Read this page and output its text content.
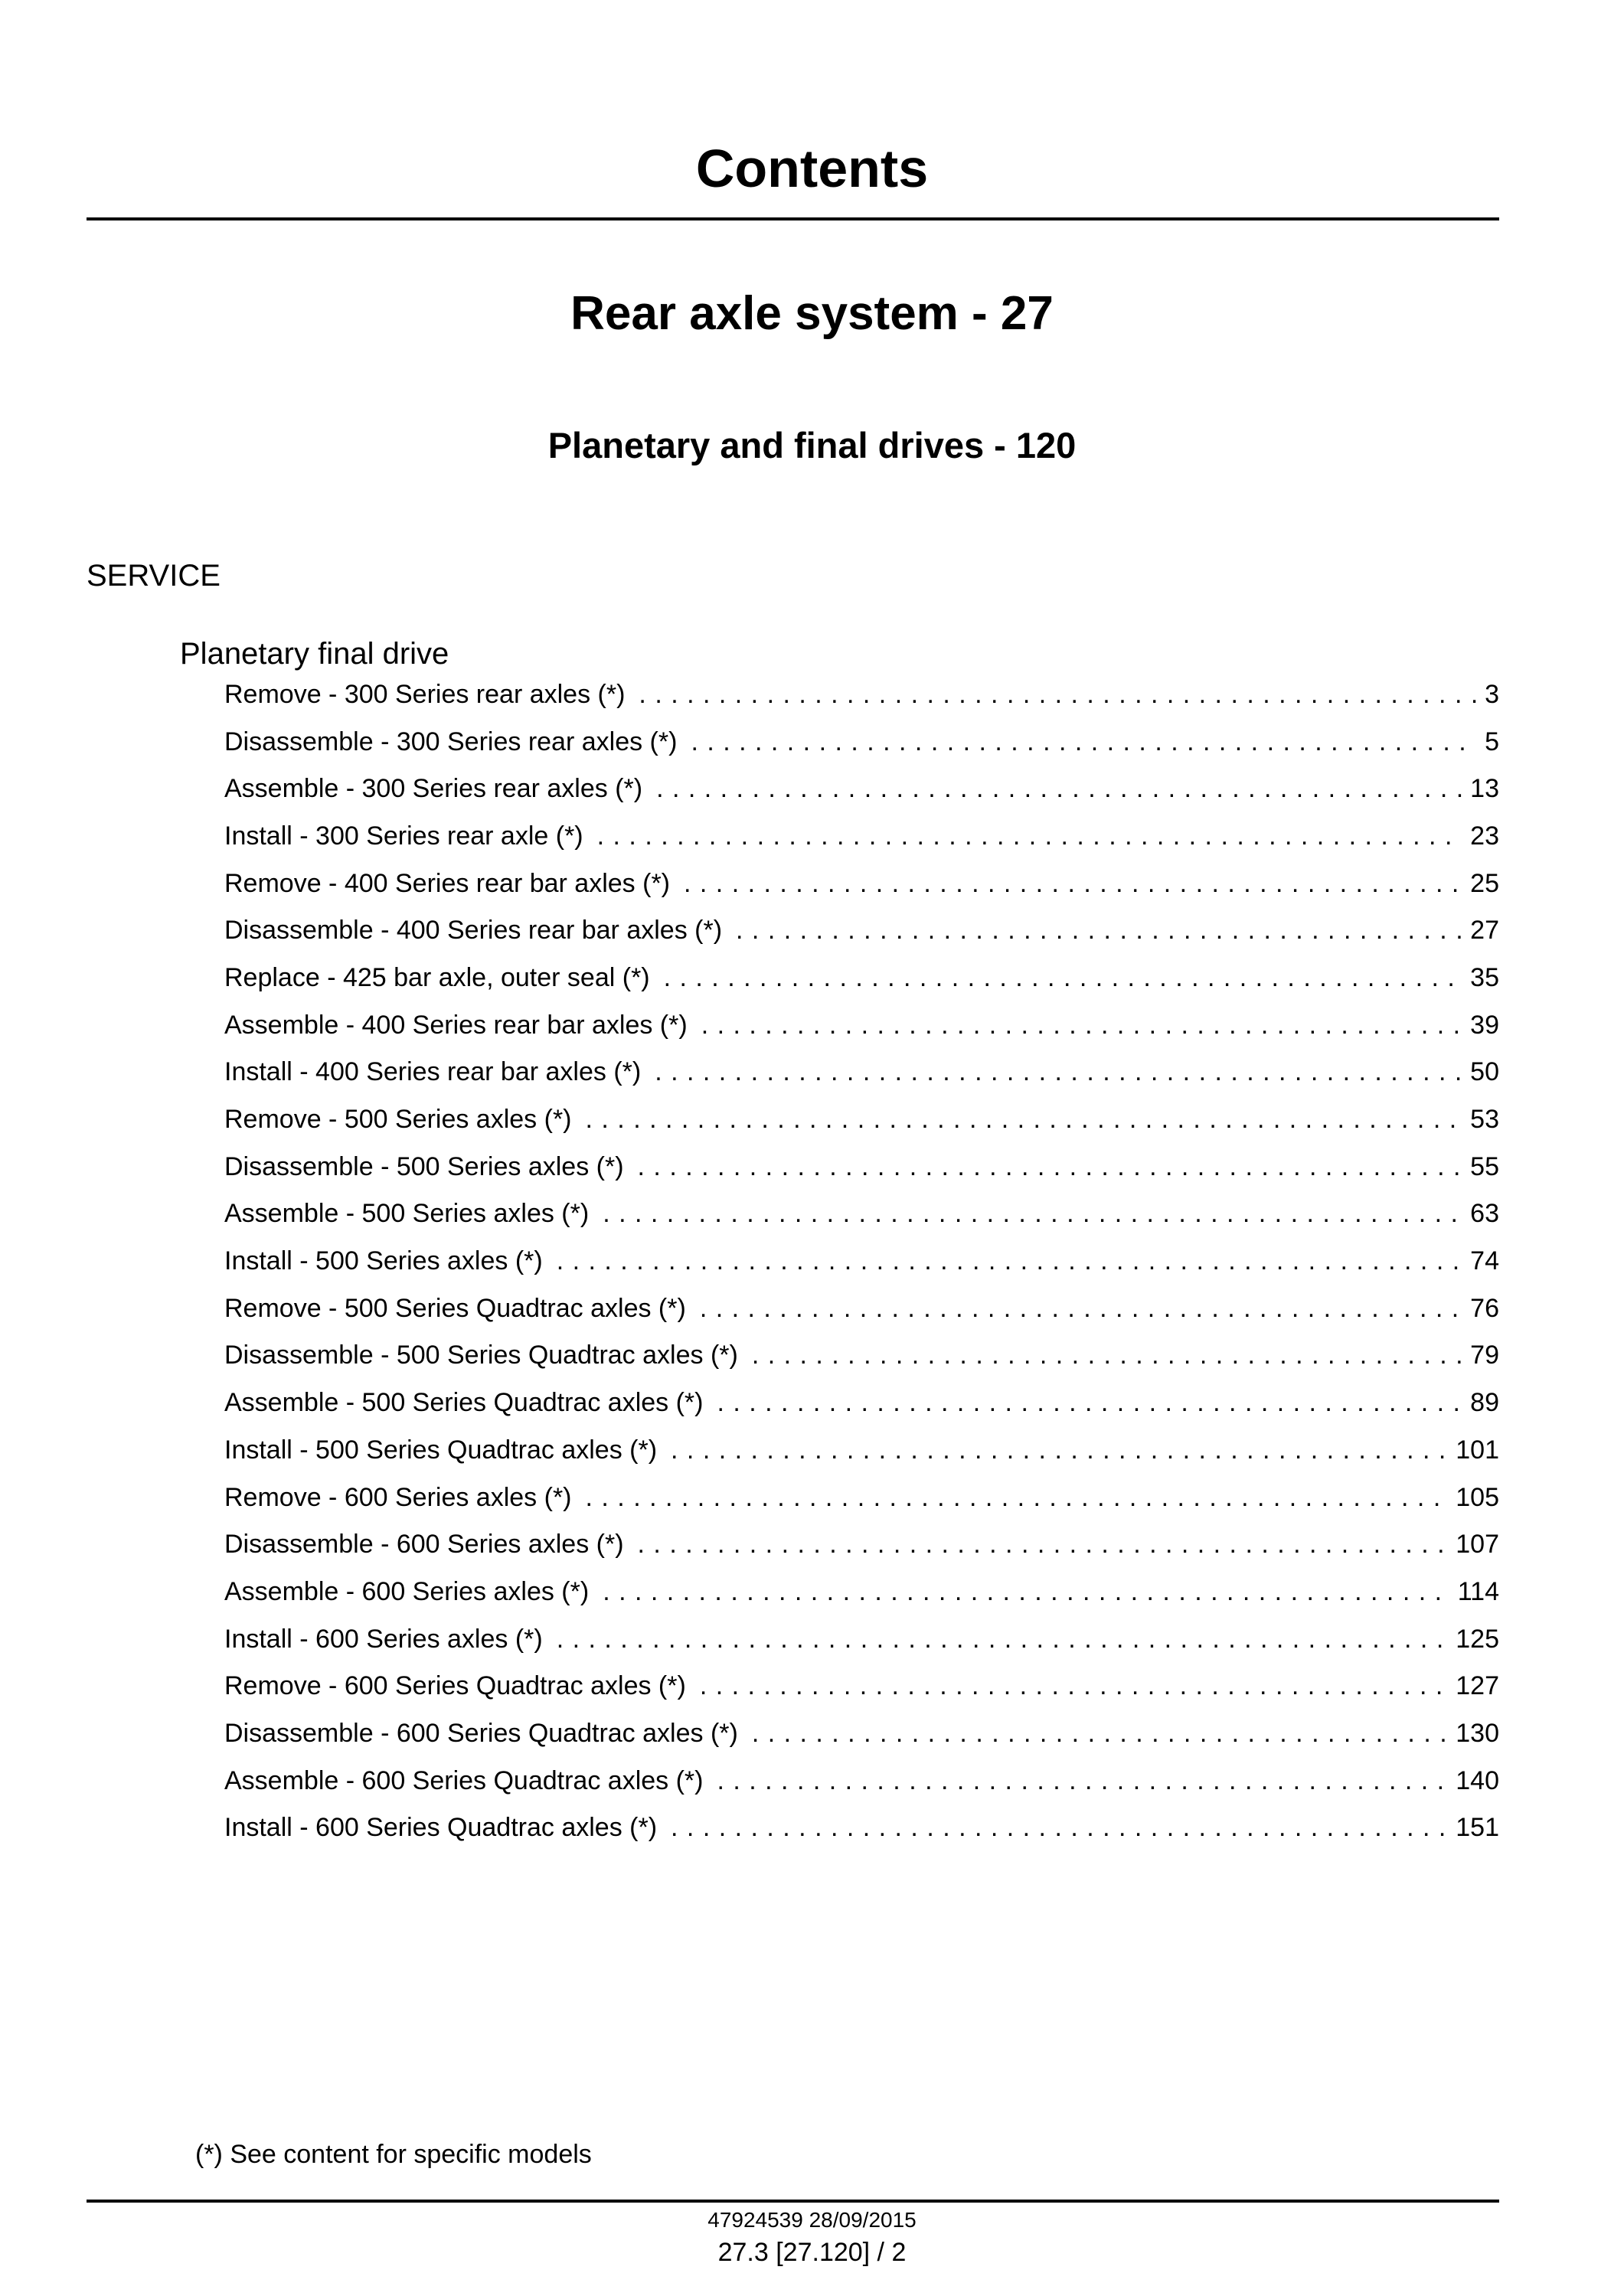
Contents
Rear axle system - 27
Planetary and final drives - 120
SERVICE
Planetary final drive
Remove - 300 Series rear axles (*) . . .	3
Disassemble - 300 Series rear axles (*) . . .	5
Assemble - 300 Series rear axles (*) . . .	13
Install - 300 Series rear axle (*) . . .	23
Remove - 400 Series rear bar axles (*) . . .	25
Disassemble - 400 Series rear bar axles (*) . . .	27
Replace - 425 bar axle, outer seal (*) . . .	35
Assemble - 400 Series rear bar axles (*) . . .	39
Install - 400 Series rear bar axles (*) . . .	50
Remove - 500 Series axles (*) . . .	53
Disassemble - 500 Series axles (*) . . .	55
Assemble - 500 Series axles (*) . . .	63
Install - 500 Series axles (*) . . .	74
Remove - 500 Series Quadtrac axles (*) . . .	76
Disassemble - 500 Series Quadtrac axles (*) . . .	79
Assemble - 500 Series Quadtrac axles (*) . . .	89
Install - 500 Series Quadtrac axles (*) . . .	101
Remove - 600 Series axles (*) . . .	105
Disassemble - 600 Series axles (*) . . .	107
Assemble - 600 Series axles (*) . . .	114
Install - 600 Series axles (*) . . .	125
Remove - 600 Series Quadtrac axles (*) . . .	127
Disassemble - 600 Series Quadtrac axles (*) . . .	130
Assemble - 600 Series Quadtrac axles (*) . . .	140
Install - 600 Series Quadtrac axles (*) . . .	151
(*) See content for specific models
47924539 28/09/2015
27.3 [27.120] / 2
